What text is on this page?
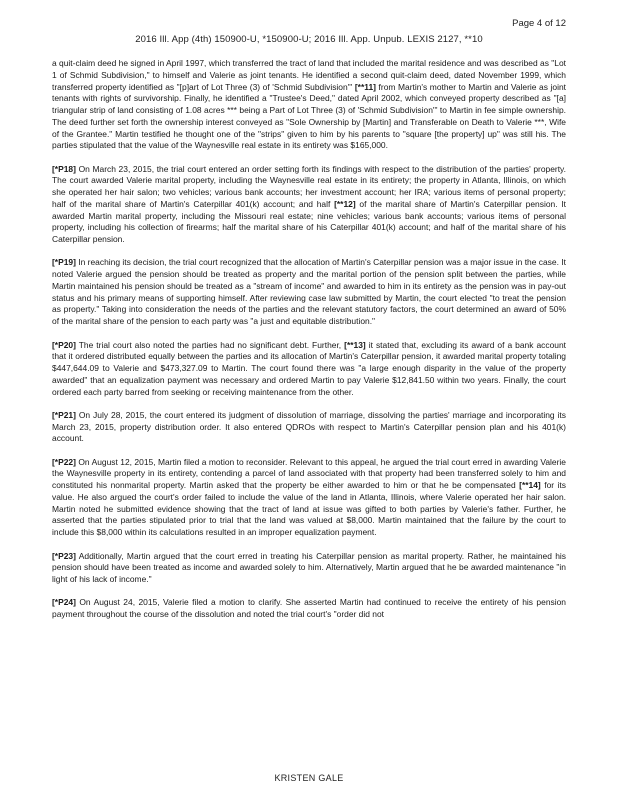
Page 4 of 12
2016 Ill. App (4th) 150900-U, *150900-U; 2016 Ill. App. Unpub. LEXIS 2127, **10

a quit-claim deed he signed in April 1997, which transferred the tract of land that included the marital residence and was described as "Lot 1 of Schmid Subdivision," to himself and Valerie as joint tenants. He identified a second quit-claim deed, dated November 1999, which transferred property identified as "[p]art of Lot Three (3) of 'Schmid Subdivision'" [**11] from Martin's mother to Martin and Valerie as joint tenants with rights of survivorship. Finally, he identified a "Trustee's Deed," dated April 2002, which conveyed property described as "[a] triangular strip of land consisting of 1.08 acres *** being a Part of Lot Three (3) of 'Schmid Subdivision'" to Martin in fee simple ownership. The deed further set forth the ownership interest conveyed as "Sole Ownership by [Martin] and Transferable on Death to Valerie ***, Wife of the Grantee." Martin testified he thought one of the "strips" given to him by his parents to "square [the property] up" was still his. The parties stipulated that the value of the Waynesville real estate in its entirety was $165,000.

[*P18] On March 23, 2015, the trial court entered an order setting forth its findings with respect to the distribution of the parties' property. The court awarded Valerie marital property, including the Waynesville real estate in its entirety; the property in Atlanta, Illinois, on which she operated her hair salon; two vehicles; various bank accounts; her investment account; her IRA; various items of personal property; half of the marital share of Martin's Caterpillar 401(k) account; and half [**12] of the marital share of Martin's Caterpillar pension. It awarded Martin marital property, including the Missouri real estate; nine vehicles; various bank accounts; various items of personal property, including his collection of firearms; half the marital share of his Caterpillar 401(k) account; and half of the marital share of his Caterpillar pension.

[*P19] In reaching its decision, the trial court recognized that the allocation of Martin's Caterpillar pension was a major issue in the case. It noted Valerie argued the pension should be treated as property and the marital portion of the pension split between the parties, while Martin maintained his pension should be treated as a "stream of income" and awarded to him in its entirety as the pension was in pay-out status and his primary means of supporting himself. After reviewing case law submitted by Martin, the court elected "to treat the pension as property." Taking into consideration the needs of the parties and the relevant statutory factors, the court determined an award of 50% of the marital share of the pension to each party was "a just and equitable distribution."

[*P20] The trial court also noted the parties had no significant debt. Further, [**13] it stated that, excluding its award of a bank account that it ordered distributed equally between the parties and its allocation of Martin's Caterpillar pension, it awarded marital property totaling $447,644.09 to Valerie and $473,327.09 to Martin. The court found there was "a large enough disparity in the value of the property awarded" that an equalization payment was necessary and ordered Martin to pay Valerie $12,841.50 within two years. Finally, the court ordered each party barred from seeking or receiving maintenance from the other.

[*P21] On July 28, 2015, the court entered its judgment of dissolution of marriage, dissolving the parties' marriage and incorporating its March 23, 2015, property distribution order. It also entered QDROs with respect to Martin's Caterpillar pension plan and his 401(k) account.

[*P22] On August 12, 2015, Martin filed a motion to reconsider. Relevant to this appeal, he argued the trial court erred in awarding Valerie the Waynesville property in its entirety, contending a parcel of land associated with that property had been transferred solely to him and constituted his nonmarital property. Martin asked that the property be either awarded to him or that he be compensated [**14] for its value. He also argued the court's order failed to include the value of the land in Atlanta, Illinois, where Valerie operated her hair salon. Martin noted he submitted evidence showing that the tract of land at issue was gifted to both parties by Valerie's father. Further, he asserted that the parties stipulated prior to trial that the land was valued at $8,000. Martin maintained that the failure by the court to include this $8,000 within its calculations resulted in an improper equalization payment.

[*P23] Additionally, Martin argued that the court erred in treating his Caterpillar pension as marital property. Rather, he maintained his pension should have been treated as income and awarded solely to him. Alternatively, Martin argued that he be awarded maintenance "in light of his lack of income."

[*P24] On August 24, 2015, Valerie filed a motion to clarify. She asserted Martin had continued to receive the entirety of his pension payment throughout the course of the dissolution and noted the trial court's "order did not

KRISTEN GALE
